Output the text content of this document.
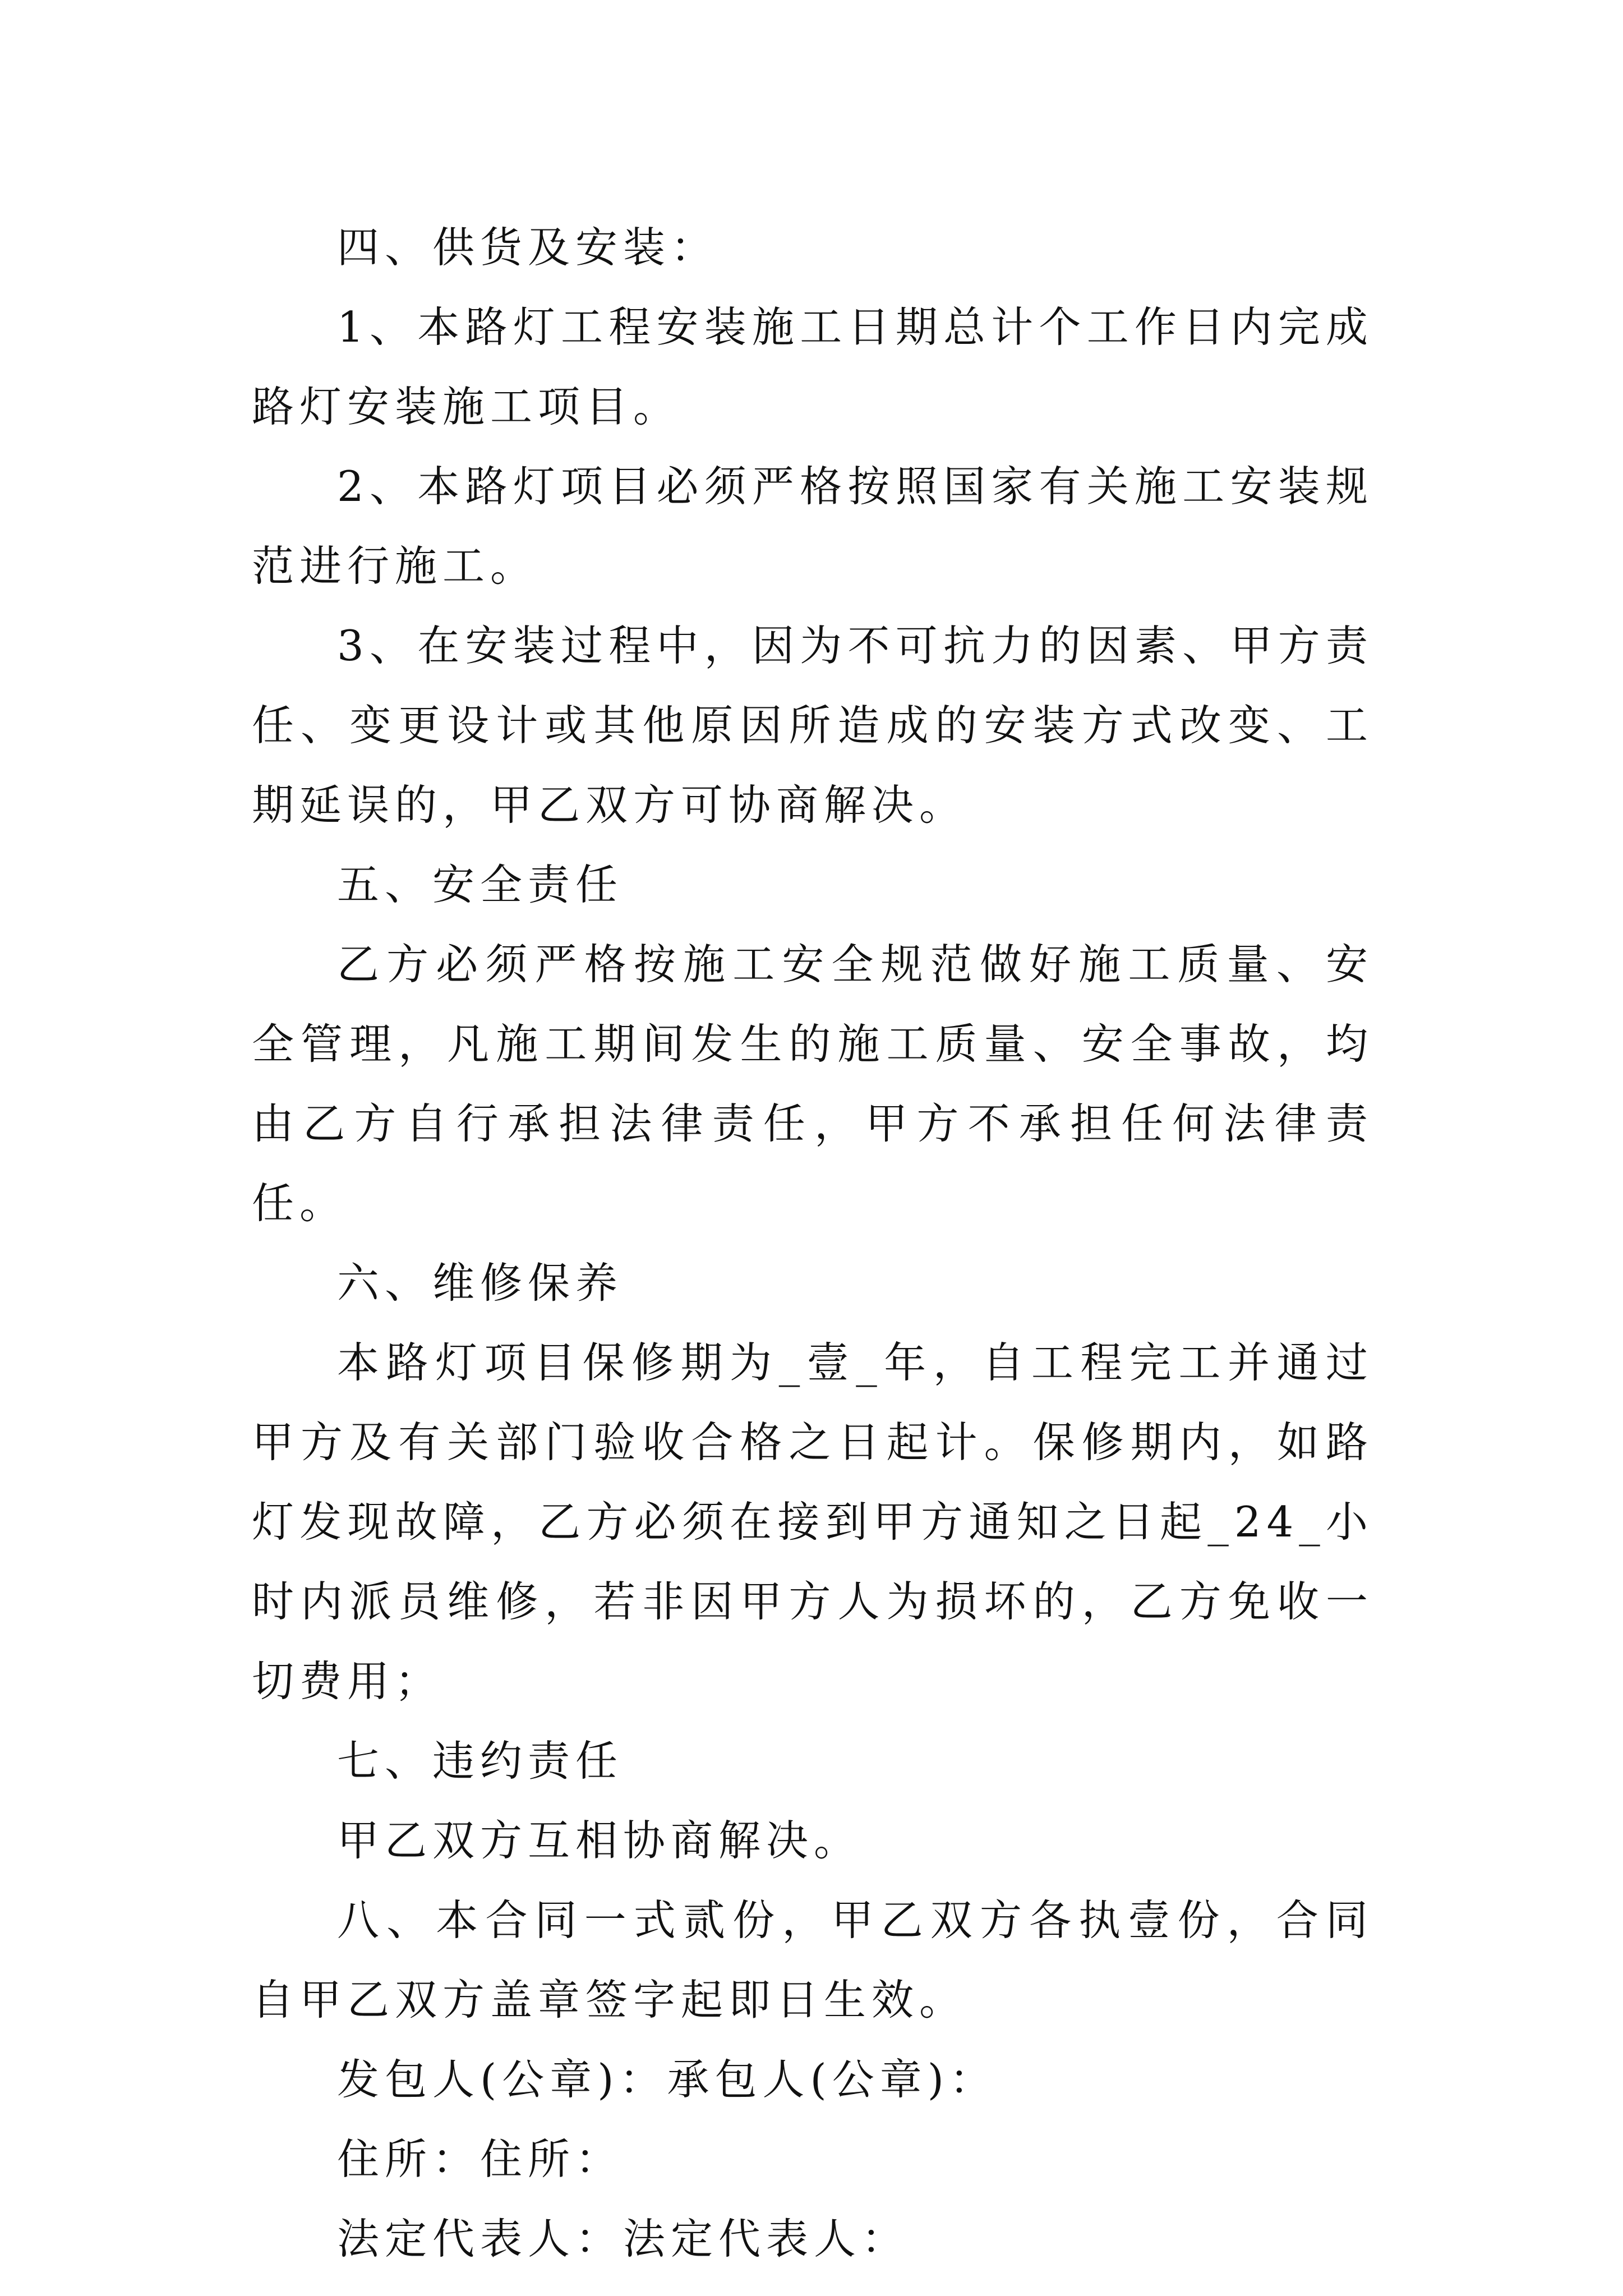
四、供货及安装：

1、本路灯工程安装施工日期总计个工作日内完成路灯安装施工项目。

2、本路灯项目必须严格按照国家有关施工安装规范进行施工。

3、在安装过程中，因为不可抗力的因素、甲方责任、变更设计或其他原因所造成的安装方式改变、工期延误的，甲乙双方可协商解决。

五、安全责任

乙方必须严格按施工安全规范做好施工质量、安全管理，凡施工期间发生的施工质量、安全事故，均由乙方自行承担法律责任，甲方不承担任何法律责任。

六、维修保养

本路灯项目保修期为_壹_年，自工程完工并通过甲方及有关部门验收合格之日起计。保修期内，如路灯发现故障，乙方必须在接到甲方通知之日起_24_小时内派员维修，若非因甲方人为损坏的，乙方免收一切费用；

七、违约责任

甲乙双方互相协商解决。

八、本合同一式贰份，甲乙双方各执壹份，合同自甲乙双方盖章签字起即日生效。

发包人(公章)：承包人(公章)：

住所：住所：

法定代表人：法定代表人：
